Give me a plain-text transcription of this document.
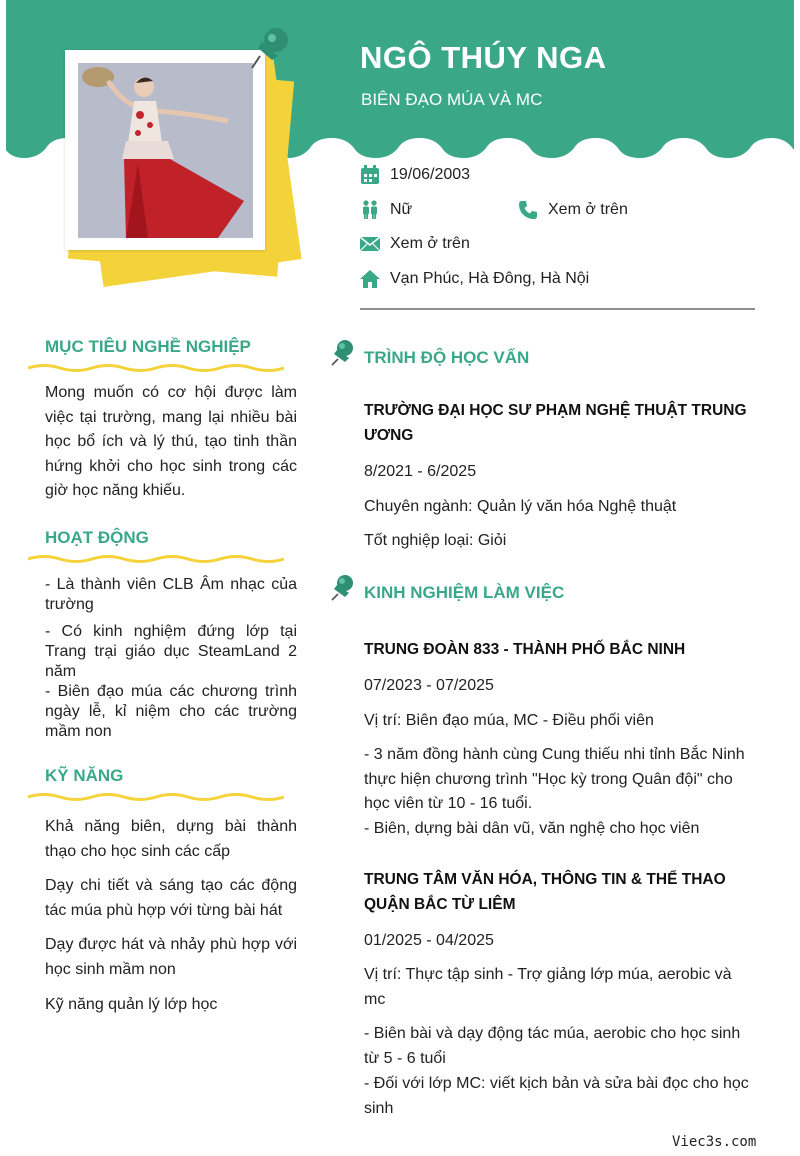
NGÔ THÚY NGA
BIÊN ĐẠO MÚA VÀ MC
19/06/2003
Nữ	Xem ở trên
Xem ở trên
Vạn Phúc, Hà Đông, Hà Nội
MỤC TIÊU NGHỀ NGHIỆP
Mong muốn có cơ hội được làm việc tại trường, mang lại nhiều bài học bổ ích và lý thú, tạo tinh thần hứng khởi cho học sinh trong các giờ học năng khiếu.
HOẠT ĐỘNG
- Là thành viên CLB Âm nhạc của trường
- Có kinh nghiệm đứng lớp tại Trang trại giáo dục SteamLand 2 năm
- Biên đạo múa các chương trình ngày lễ, kỉ niệm cho các trường mầm non
KỸ NĂNG
Khả năng biên, dựng bài thành thạo cho học sinh các cấp
Dạy chi tiết và sáng tạo các động tác múa phù hợp với từng bài hát
Dạy được hát và nhảy phù hợp với học sinh mầm non
Kỹ năng quản lý lớp học
TRÌNH ĐỘ HỌC VẤN
TRƯỜNG ĐẠI HỌC SƯ PHẠM NGHỆ THUẬT TRUNG ƯƠNG
8/2021 - 6/2025
Chuyên ngành: Quản lý văn hóa Nghệ thuật
Tốt nghiệp loại: Giỏi
KINH NGHIỆM LÀM VIỆC
TRUNG ĐOÀN 833 - THÀNH PHỐ BẮC NINH
07/2023 - 07/2025
Vị trí: Biên đạo múa, MC - Điều phối viên
- 3 năm đồng hành cùng Cung thiếu nhi tỉnh Bắc Ninh thực hiện chương trình "Học kỳ trong Quân đội" cho học viên từ 10 - 16 tuổi.
- Biên, dựng bài dân vũ, văn nghệ cho học viên
TRUNG TÂM VĂN HÓA, THÔNG TIN & THỂ THAO QUẬN BẮC TỪ LIÊM
01/2025 - 04/2025
Vị trí: Thực tập sinh - Trợ giảng lớp múa, aerobic và mc
- Biên bài và dạy động tác múa, aerobic cho học sinh từ 5 - 6 tuổi
- Đối với lớp MC: viết kịch bản và sửa bài đọc cho học sinh
Viec3s.com
